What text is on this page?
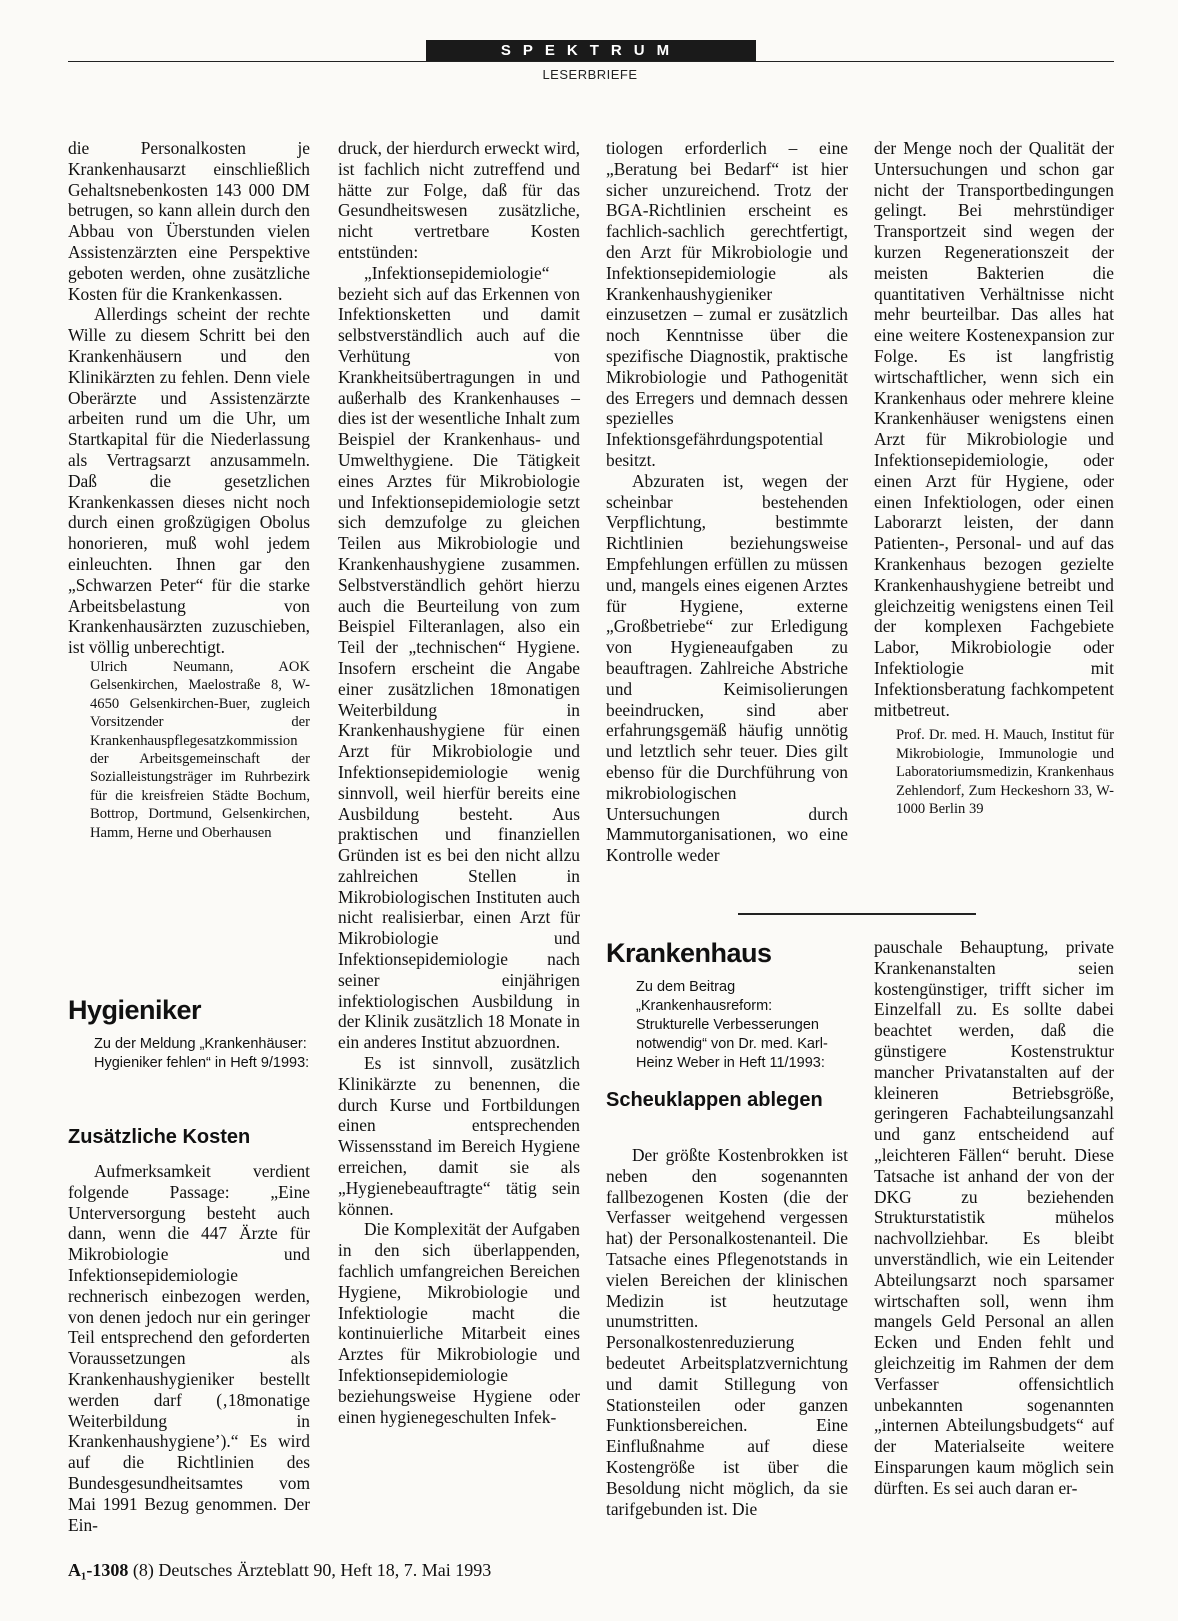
SPEKTRUM
LESERBRIEFE

die Personalkosten je Krankenhausarzt einschließlich Gehaltsnebenkosten 143 000 DM betrugen, so kann allein durch den Abbau von Überstunden vielen Assistenzärzten eine Perspektive geboten werden, ohne zusätzliche Kosten für die Krankenkassen.

Allerdings scheint der rechte Wille zu diesem Schritt bei den Krankenhäusern und den Klinikärzten zu fehlen. Denn viele Oberärzte und Assistenzärzte arbeiten rund um die Uhr, um Startkapital für die Niederlassung als Vertragsarzt anzusammeln. Daß die gesetzlichen Krankenkassen dieses nicht noch durch einen großzügigen Obolus honorieren, muß wohl jedem einleuchten. Ihnen gar den „Schwarzen Peter“ für die starke Arbeitsbelastung von Krankenhausärzten zuzuschieben, ist völlig unberechtigt.

Ulrich Neumann, AOK Gelsenkirchen, Maelostraße 8, W-4650 Gelsenkirchen-Buer, zugleich Vorsitzender der Krankenhauspflegesatzkommission der Arbeitsgemeinschaft der Sozialleistungsträger im Ruhrbezirk für die kreisfreien Städte Bochum, Bottrop, Dortmund, Gelsenkirchen, Hamm, Herne und Oberhausen

Hygieniker

Zu der Meldung „Krankenhäuser: Hygieniker fehlen“ in Heft 9/1993:

Zusätzliche Kosten

Aufmerksamkeit verdient folgende Passage: „Eine Unterversorgung besteht auch dann, wenn die 447 Ärzte für Mikrobiologie und Infektionsepidemiologie rechnerisch einbezogen werden, von denen jedoch nur ein geringer Teil entsprechend den geforderten Voraussetzungen als Krankenhaushygieniker bestellt werden darf (‚18monatige Weiterbildung in Krankenhaushygiene’).“ Es wird auf die Richtlinien des Bundesgesundheitsamtes vom Mai 1991 Bezug genommen. Der Ein-

druck, der hierdurch erweckt wird, ist fachlich nicht zutreffend und hätte zur Folge, daß für das Gesundheitswesen zusätzliche, nicht vertretbare Kosten entstünden:

„Infektionsepidemiologie“ bezieht sich auf das Erkennen von Infektionsketten und damit selbstverständlich auch auf die Verhütung von Krankheitsübertragungen in und außerhalb des Krankenhauses – dies ist der wesentliche Inhalt zum Beispiel der Krankenhaus- und Umwelthygiene. Die Tätigkeit eines Arztes für Mikrobiologie und Infektionsepidemiologie setzt sich demzufolge zu gleichen Teilen aus Mikrobiologie und Krankenhaushygiene zusammen. Selbstverständlich gehört hierzu auch die Beurteilung von zum Beispiel Filteranlagen, also ein Teil der „technischen“ Hygiene. Insofern erscheint die Angabe einer zusätzlichen 18monatigen Weiterbildung in Krankenhaushygiene für einen Arzt für Mikrobiologie und Infektionsepidemiologie wenig sinnvoll, weil hierfür bereits eine Ausbildung besteht. Aus praktischen und finanziellen Gründen ist es bei den nicht allzu zahlreichen Stellen in Mikrobiologischen Instituten auch nicht realisierbar, einen Arzt für Mikrobiologie und Infektionsepidemiologie nach seiner einjährigen infektiologischen Ausbildung in der Klinik zusätzlich 18 Monate in ein anderes Institut abzuordnen.

Es ist sinnvoll, zusätzlich Klinikärzte zu benennen, die durch Kurse und Fortbildungen einen entsprechenden Wissensstand im Bereich Hygiene erreichen, damit sie als „Hygienebeauftragte“ tätig sein können.

Die Komplexität der Aufgaben in den sich überlappenden, fachlich umfangreichen Bereichen Hygiene, Mikrobiologie und Infektiologie macht die kontinuierliche Mitarbeit eines Arztes für Mikrobiologie und Infektionsepidemiologie beziehungsweise Hygiene oder einen hygienegeschulten Infek-

tiologen erforderlich – eine „Beratung bei Bedarf“ ist hier sicher unzureichend. Trotz der BGA-Richtlinien erscheint es fachlich-sachlich gerechtfertigt, den Arzt für Mikrobiologie und Infektionsepidemiologie als Krankenhaushygieniker einzusetzen – zumal er zusätzlich noch Kenntnisse über die spezifische Diagnostik, praktische Mikrobiologie und Pathogenität des Erregers und demnach dessen spezielles Infektionsgefährdungspotential besitzt.

Abzuraten ist, wegen der scheinbar bestehenden Verpflichtung, bestimmte Richtlinien beziehungsweise Empfehlungen erfüllen zu müssen und, mangels eines eigenen Arztes für Hygiene, externe „Großbetriebe“ zur Erledigung von Hygieneaufgaben zu beauftragen. Zahlreiche Abstriche und Keimisolierungen beeindrucken, sind aber erfahrungsgemäß häufig unnötig und letztlich sehr teuer. Dies gilt ebenso für die Durchführung von mikrobiologischen Untersuchungen durch Mammutorganisationen, wo eine Kontrolle weder

der Menge noch der Qualität der Untersuchungen und schon gar nicht der Transportbedingungen gelingt. Bei mehrstündiger Transportzeit sind wegen der kurzen Regenerationszeit der meisten Bakterien die quantitativen Verhältnisse nicht mehr beurteilbar. Das alles hat eine weitere Kostenexpansion zur Folge. Es ist langfristig wirtschaftlicher, wenn sich ein Krankenhaus oder mehrere kleine Krankenhäuser wenigstens einen Arzt für Mikrobiologie und Infektionsepidemiologie, oder einen Arzt für Hygiene, oder einen Infektiologen, oder einen Laborarzt leisten, der dann Patienten-, Personal- und auf das Krankenhaus bezogen gezielte Krankenhaushygiene betreibt und gleichzeitig wenigstens einen Teil der komplexen Fachgebiete Labor, Mikrobiologie oder Infektiologie mit Infektionsberatung fachkompetent mitbetreut.

Prof. Dr. med. H. Mauch, Institut für Mikrobiologie, Immunologie und Laboratoriumsmedizin, Krankenhaus Zehlendorf, Zum Heckeshorn 33, W-1000 Berlin 39

Krankenhaus

Zu dem Beitrag „Krankenhausreform: Strukturelle Verbesserungen notwendig“ von Dr. med. Karl-Heinz Weber in Heft 11/1993:

Scheuklappen ablegen

Der größte Kostenbrokken ist neben den sogenannten fallbezogenen Kosten (die der Verfasser weitgehend vergessen hat) der Personalkostenanteil. Die Tatsache eines Pflegenotstands in vielen Bereichen der klinischen Medizin ist heutzutage unumstritten. Personalkostenreduzierung bedeutet Arbeitsplatzvernichtung und damit Stillegung von Stationsteilen oder ganzen Funktionsbereichen. Eine Einflußnahme auf diese Kostengröße ist über die Besoldung nicht möglich, da sie tarifgebunden ist. Die

pauschale Behauptung, private Krankenanstalten seien kostengünstiger, trifft sicher im Einzelfall zu. Es sollte dabei beachtet werden, daß die günstigere Kostenstruktur mancher Privatanstalten auf der kleineren Betriebsgröße, geringeren Fachabteilungsanzahl und ganz entscheidend auf „leichteren Fällen“ beruht. Diese Tatsache ist anhand der von der DKG zu beziehenden Strukturstatistik mühelos nachvollziehbar. Es bleibt unverständlich, wie ein Leitender Abteilungsarzt noch sparsamer wirtschaften soll, wenn ihm mangels Geld Personal an allen Ecken und Enden fehlt und gleichzeitig im Rahmen der dem Verfasser offensichtlich unbekannten sogenannten „internen Abteilungsbudgets“ auf der Materialseite weitere Einsparungen kaum möglich sein dürften. Es sei auch daran er-

A₁-1308 (8) Deutsches Ärzteblatt 90, Heft 18, 7. Mai 1993
